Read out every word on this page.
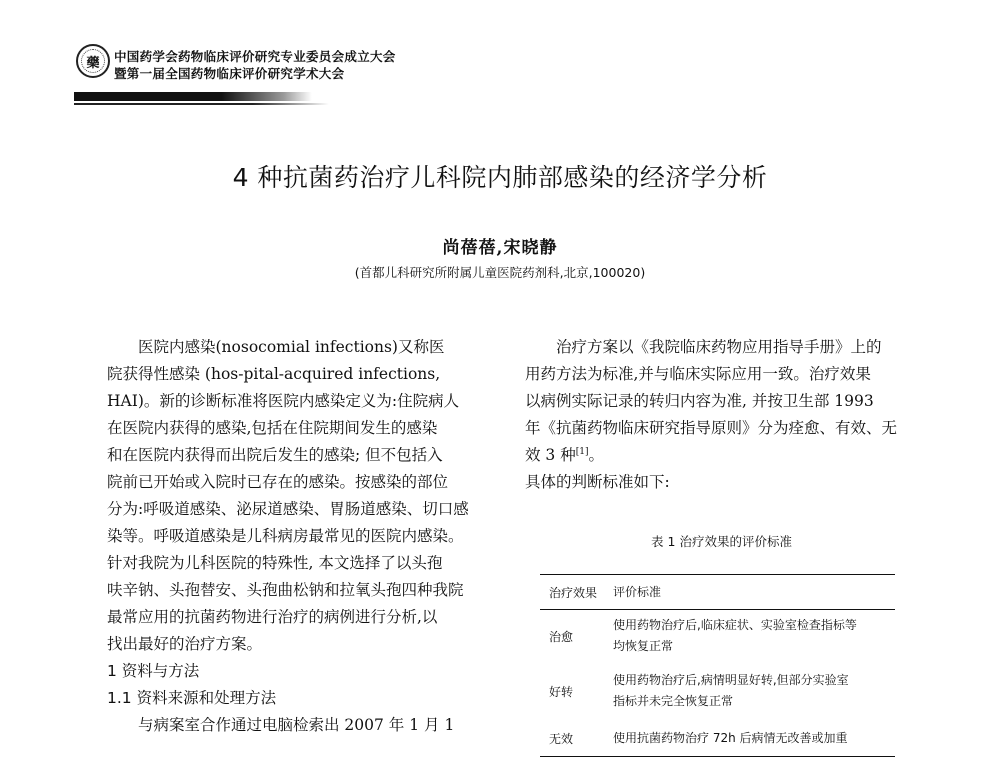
藥 中国药学会药物临床评价研究专业委员会成立大会
暨第一届全国药物临床评价研究学术大会
4 种抗菌药治疗儿科院内肺部感染的经济学分析
尚蓓蓓,宋晓静
(首都儿科研究所附属儿童医院药剂科,北京,100020)
医院内感染(nosocomial infections)又称医
院获得性感染 (hos-pital-acquired infections,
HAI)。新的诊断标准将医院内感染定义为:住院病人
在医院内获得的感染,包括在住院期间发生的感染
和在医院内获得而出院后发生的感染; 但不包括入
院前已开始或入院时已存在的感染。按感染的部位
分为:呼吸道感染、泌尿道感染、胃肠道感染、切口感
染等。呼吸道感染是儿科病房最常见的医院内感染。
针对我院为儿科医院的特殊性, 本文选择了以头孢
呋辛钠、头孢替安、头孢曲松钠和拉氧头孢四种我院
最常应用的抗菌药物进行治疗的病例进行分析,以
找出最好的治疗方案。
1 资料与方法
1.1 资料来源和处理方法
与病案室合作通过电脑检索出 2007 年 1 月 1
治疗方案以《我院临床药物应用指导手册》上的
用药方法为标准,并与临床实际应用一致。治疗效果
以病例实际记录的转归内容为准, 并按卫生部 1993
年《抗菌药物临床研究指导原则》分为痊愈、有效、无
效 3 种[1]。
具体的判断标准如下:
表 1 治疗效果的评价标准
治疗效果	评价标准
治愈
使用药物治疗后,临床症状、实验室检查指标等
均恢复正常
好转
使用药物治疗后,病情明显好转,但部分实验室
指标并未完全恢复正常
无效	使用抗菌药物治疗 72h 后病情无改善或加重
